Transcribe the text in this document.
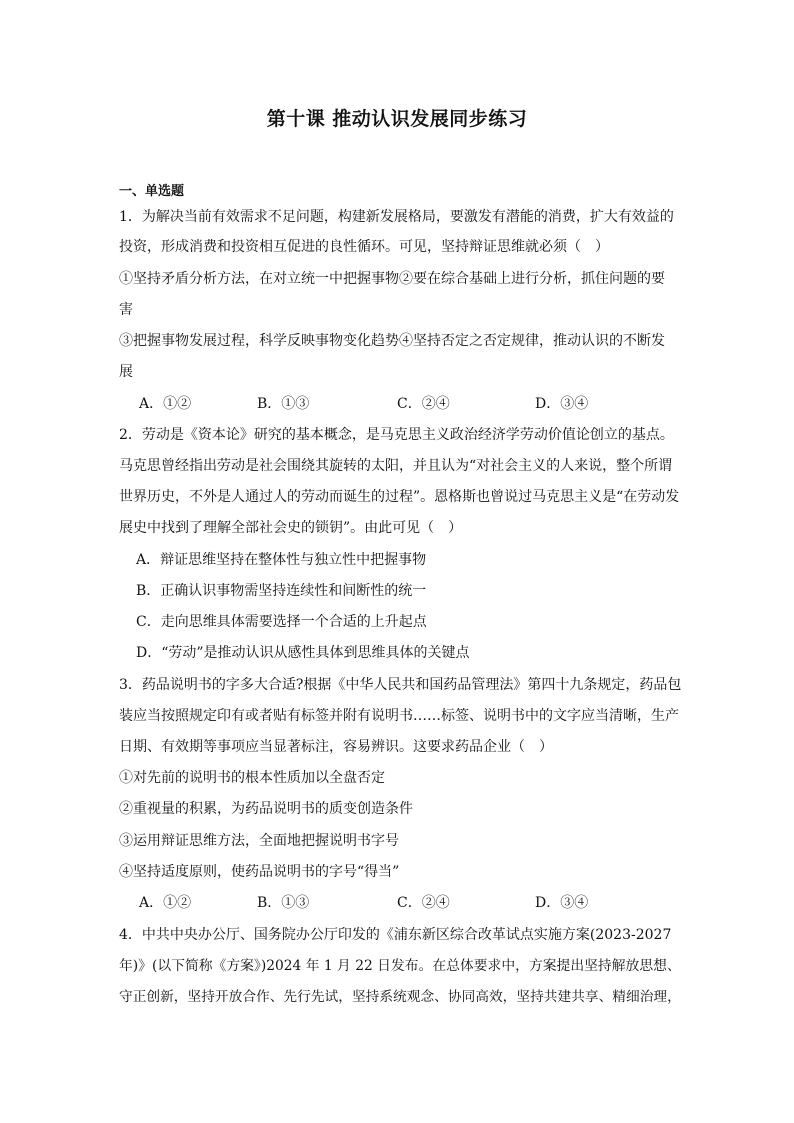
第十课 推动认识发展同步练习
一、单选题
1．为解决当前有效需求不足问题，构建新发展格局，要激发有潜能的消费，扩大有效益的
投资，形成消费和投资相互促进的良性循环。可见，坚持辩证思维就必须（　）
①坚持矛盾分析方法，在对立统一中把握事物②要在综合基础上进行分析，抓住问题的要
害
③把握事物发展过程，科学反映事物变化趋势④坚持否定之否定规律，推动认识的不断发
展
A．①②	B．①③	C．②④	D．③④
2．劳动是《资本论》研究的基本概念，是马克思主义政治经济学劳动价值论创立的基点。
马克思曾经指出劳动是社会围绕其旋转的太阳，并且认为“对社会主义的人来说，整个所谓
世界历史，不外是人通过人的劳动而诞生的过程”。恩格斯也曾说过马克思主义是“在劳动发
展史中找到了理解全部社会史的锁钥”。由此可见（　）
A．辩证思维坚持在整体性与独立性中把握事物
B．正确认识事物需坚持连续性和间断性的统一
C．走向思维具体需要选择一个合适的上升起点
D．“劳动”是推动认识从感性具体到思维具体的关键点
3．药品说明书的字多大合适?根据《中华人民共和国药品管理法》第四十九条规定，药品包
装应当按照规定印有或者贴有标签并附有说明书……标签、说明书中的文字应当清晰，生产
日期、有效期等事项应当显著标注，容易辨识。这要求药品企业（　）
①对先前的说明书的根本性质加以全盘否定
②重视量的积累，为药品说明书的质变创造条件
③运用辩证思维方法，全面地把握说明书字号
④坚持适度原则，使药品说明书的字号“得当”
A．①②	B．①③	C．②④	D．③④
4．中共中央办公厅、国务院办公厅印发的《浦东新区综合改革试点实施方案(2023-2027
年)》(以下简称《方案》)2024 年 1 月 22 日发布。在总体要求中，方案提出坚持解放思想、
守正创新，坚持开放合作、先行先试，坚持系统观念、协同高效，坚持共建共享、精细治理，
